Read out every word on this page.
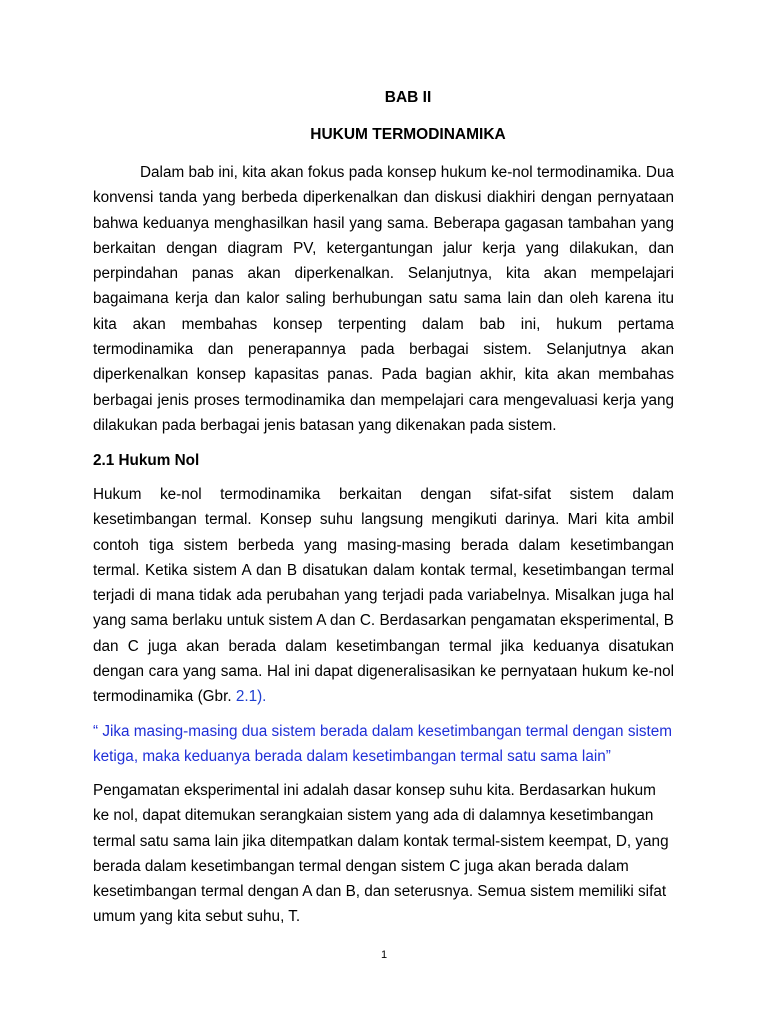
BAB II
HUKUM TERMODINAMIKA

Dalam bab ini, kita akan fokus pada konsep hukum ke-nol termodinamika. Dua konvensi tanda yang berbeda diperkenalkan dan diskusi diakhiri dengan pernyataan bahwa keduanya menghasilkan hasil yang sama. Beberapa gagasan tambahan yang berkaitan dengan diagram PV, ketergantungan jalur kerja yang dilakukan, dan perpindahan panas akan diperkenalkan. Selanjutnya, kita akan mempelajari bagaimana kerja dan kalor saling berhubungan satu sama lain dan oleh karena itu kita akan membahas konsep terpenting dalam bab ini, hukum pertama termodinamika dan penerapannya pada berbagai sistem. Selanjutnya akan diperkenalkan konsep kapasitas panas. Pada bagian akhir, kita akan membahas berbagai jenis proses termodinamika dan mempelajari cara mengevaluasi kerja yang dilakukan pada berbagai jenis batasan yang dikenakan pada sistem.

2.1 Hukum Nol

Hukum ke-nol termodinamika berkaitan dengan sifat-sifat sistem dalam kesetimbangan termal. Konsep suhu langsung mengikuti darinya. Mari kita ambil contoh tiga sistem berbeda yang masing-masing berada dalam kesetimbangan termal. Ketika sistem A dan B disatukan dalam kontak termal, kesetimbangan termal terjadi di mana tidak ada perubahan yang terjadi pada variabelnya. Misalkan juga hal yang sama berlaku untuk sistem A dan C. Berdasarkan pengamatan eksperimental, B dan C juga akan berada dalam kesetimbangan termal jika keduanya disatukan dengan cara yang sama. Hal ini dapat digeneralisasikan ke pernyataan hukum ke-nol termodinamika (Gbr. 2.1).

“ Jika masing-masing dua sistem berada dalam kesetimbangan termal dengan sistem ketiga, maka keduanya berada dalam kesetimbangan termal satu sama lain”

Pengamatan eksperimental ini adalah dasar konsep suhu kita. Berdasarkan hukum ke nol, dapat ditemukan serangkaian sistem yang ada di dalamnya kesetimbangan termal satu sama lain jika ditempatkan dalam kontak termal-sistem keempat, D, yang berada dalam kesetimbangan termal dengan sistem C juga akan berada dalam kesetimbangan termal dengan A dan B, dan seterusnya. Semua sistem memiliki sifat umum yang kita sebut suhu, T.

1
